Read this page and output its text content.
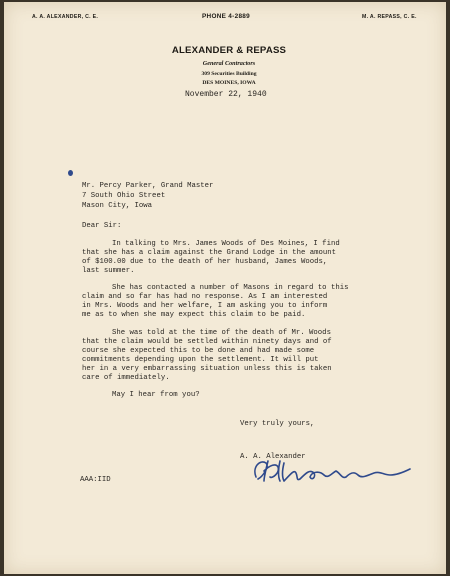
A. A. ALEXANDER, C. E.	PHONE 4-2889	M. A. REPASS, C. E.
ALEXANDER & REPASS
General Contractors
309 Securities Building
DES MOINES, IOWA
November 22, 1940
Mr. Percy Parker, Grand Master
7 South Ohio Street
Mason City, Iowa
Dear Sir:
In talking to Mrs. James Woods of Des Moines, I find
that she has a claim against the Grand Lodge in the amount
of $100.00 due to the death of her husband, James Woods,
last summer.
She has contacted a number of Masons in regard to this
claim and so far has had no response. As I am interested
in Mrs. Woods and her welfare, I am asking you to inform
me as to when she may expect this claim to be paid.
She was told at the time of the death of Mr. Woods
that the claim would be settled within ninety days and of
course she expected this to be done and had made some
commitments depending upon the settlement. It will put
her in a very embarrassing situation unless this is taken
care of immediately.
May I hear from you?
Very truly yours,
A. A. Alexander
AAA:IID
